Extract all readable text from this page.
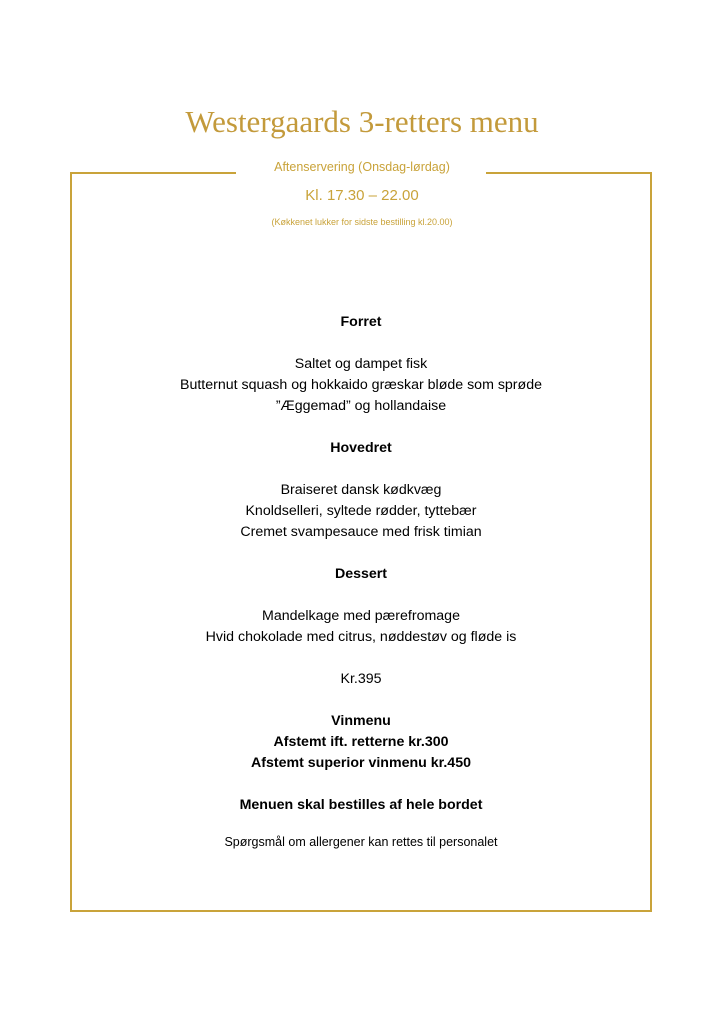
Westergaards 3-retters menu

Aftenservering (Onsdag-lørdag)

Kl. 17.30 – 22.00

(Køkkenet lukker for sidste bestilling kl.20.00)

Forret

Saltet og dampet fisk

Butternut squash og hokkaido græskar bløde som sprøde

”Æggemad” og hollandaise

Hovedret

Braiseret dansk kødkvæg

Knoldselleri, syltede rødder, tyttebær

Cremet svampesauce med frisk timian

Dessert

Mandelkage med pærefromage

Hvid chokolade med citrus, nøddestøv og fløde is

Kr.395

Vinmenu

Afstemt ift. retterne kr.300

Afstemt superior vinmenu kr.450

Menuen skal bestilles af hele bordet

Spørgsmål om allergener kan rettes til personalet
